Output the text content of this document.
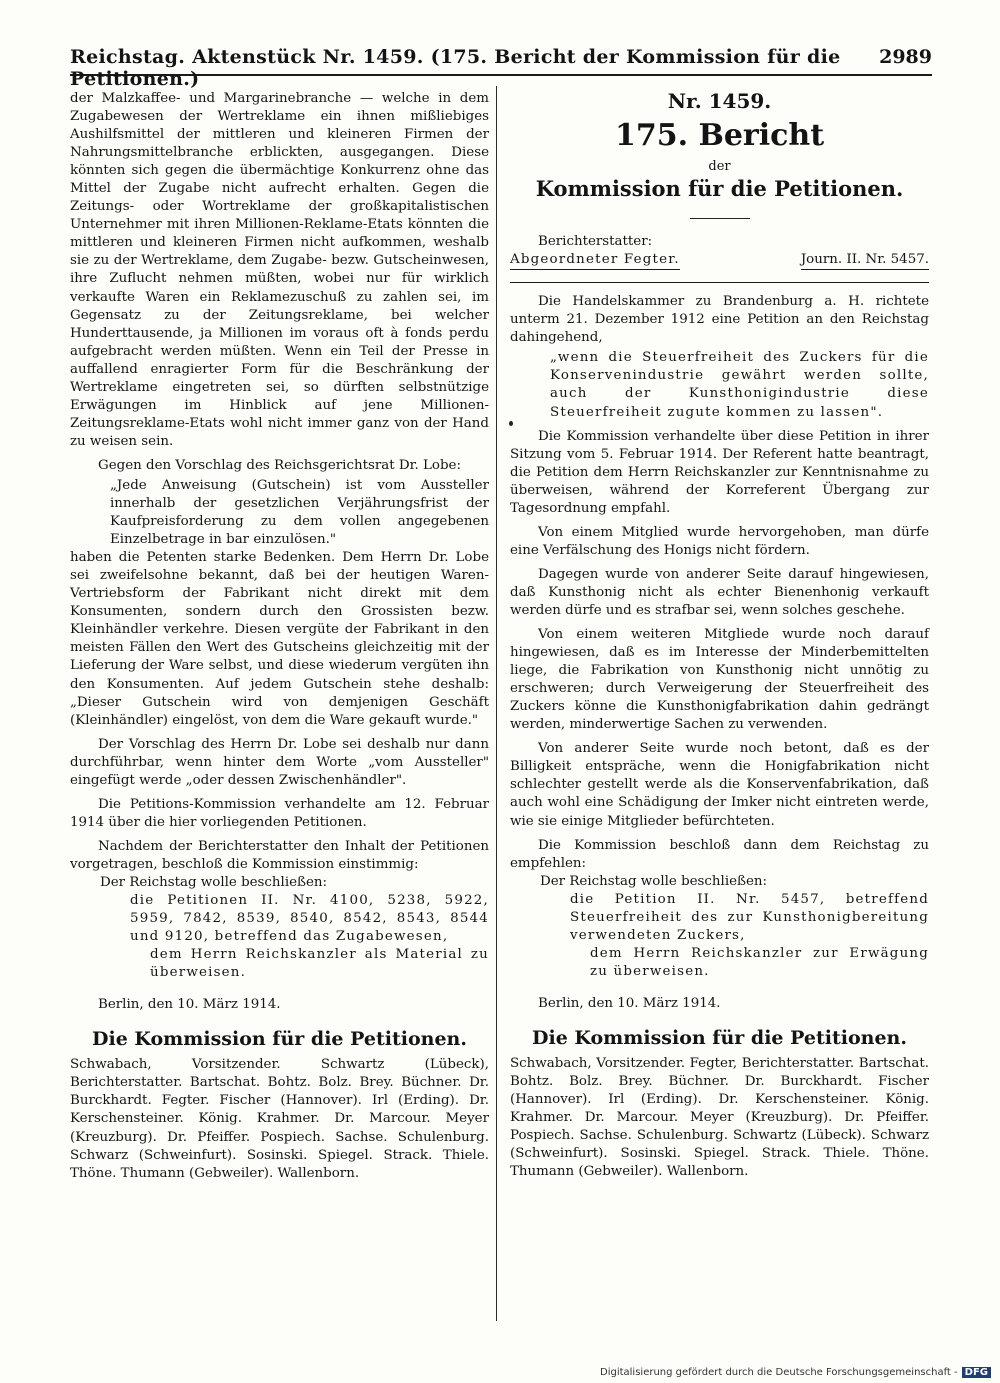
Reichstag. Aktenstück Nr. 1459. (175. Bericht der Kommission für die Petitionen.)
2989

der Malzkaffee- und Margarinebranche — welche in dem Zugabewesen der Wertreklame ein ihnen mißliebiges Aushilfsmittel der mittleren und kleineren Firmen der Nahrungsmittelbranche erblickten, ausgegangen. Diese könnten sich gegen die übermächtige Konkurrenz ohne das Mittel der Zugabe nicht aufrecht erhalten. Gegen die Zeitungs- oder Wortreklame der großkapitalistischen Unternehmer mit ihren Millionen-Reklame-Etats könnten die mittleren und kleineren Firmen nicht aufkommen, weshalb sie zu der Wertreklame, dem Zugabe- bezw. Gutscheinwesen, ihre Zuflucht nehmen müßten, wobei nur für wirklich verkaufte Waren ein Reklamezuschuß zu zahlen sei, im Gegensatz zu der Zeitungsreklame, bei welcher Hunderttausende, ja Millionen im voraus oft à fonds perdu aufgebracht werden müßten. Wenn ein Teil der Presse in auffallend enragierter Form für die Beschränkung der Wertreklame eingetreten sei, so dürften selbstnützige Erwägungen im Hinblick auf jene Millionen-Zeitungsreklame-Etats wohl nicht immer ganz von der Hand zu weisen sein.

Gegen den Vorschlag des Reichsgerichtsrat Dr. Lobe:

„Jede Anweisung (Gutschein) ist vom Aussteller innerhalb der gesetzlichen Verjährungsfrist der Kaufpreisforderung zu dem vollen angegebenen Einzelbetrage in bar einzulösen."

haben die Petenten starke Bedenken. Dem Herrn Dr. Lobe sei zweifelsohne bekannt, daß bei der heutigen Waren-Vertriebsform der Fabrikant nicht direkt mit dem Konsumenten, sondern durch den Grossisten bezw. Kleinhändler verkehre. Diesen vergüte der Fabrikant in den meisten Fällen den Wert des Gutscheins gleichzeitig mit der Lieferung der Ware selbst, und diese wiederum vergüten ihn den Konsumenten. Auf jedem Gutschein stehe deshalb: „Dieser Gutschein wird von demjenigen Geschäft (Kleinhändler) eingelöst, von dem die Ware gekauft wurde."

Der Vorschlag des Herrn Dr. Lobe sei deshalb nur dann durchführbar, wenn hinter dem Worte „vom Aussteller" eingefügt werde „oder dessen Zwischenhändler".

Die Petitions-Kommission verhandelte am 12. Februar 1914 über die hier vorliegenden Petitionen.

Nachdem der Berichterstatter den Inhalt der Petitionen vorgetragen, beschloß die Kommission einstimmig:

Der Reichstag wolle beschließen:

die Petitionen II. Nr. 4100, 5238, 5922, 5959, 7842, 8539, 8540, 8542, 8543, 8544 und 9120, betreffend das Zugabewesen,

dem Herrn Reichskanzler als Material zu überweisen.

Berlin, den 10. März 1914.

Die Kommission für die Petitionen.

Schwabach, Vorsitzender. Schwartz (Lübeck), Berichterstatter. Bartschat. Bohtz. Bolz. Brey. Büchner. Dr. Burckhardt. Fegter. Fischer (Hannover). Irl (Erding). Dr. Kerschensteiner. König. Krahmer. Dr. Marcour. Meyer (Kreuzburg). Dr. Pfeiffer. Pospiech. Sachse. Schulenburg. Schwarz (Schweinfurt). Sosinski. Spiegel. Strack. Thiele. Thöne. Thumann (Gebweiler). Wallenborn.

Nr. 1459.
175. Bericht
der
Kommission für die Petitionen.

Berichterstatter:

Abgeordneter Fegter.	Journ. II. Nr. 5457.

Die Handelskammer zu Brandenburg a. H. richtete unterm 21. Dezember 1912 eine Petition an den Reichstag dahingehend,

„wenn die Steuerfreiheit des Zuckers für die Konservenindustrie gewährt werden sollte, auch der Kunsthonigindustrie diese Steuerfreiheit zugute kommen zu lassen".

Die Kommission verhandelte über diese Petition in ihrer Sitzung vom 5. Februar 1914. Der Referent hatte beantragt, die Petition dem Herrn Reichskanzler zur Kenntnisnahme zu überweisen, während der Korreferent Übergang zur Tagesordnung empfahl.

Von einem Mitglied wurde hervorgehoben, man dürfe eine Verfälschung des Honigs nicht fördern.

Dagegen wurde von anderer Seite darauf hingewiesen, daß Kunsthonig nicht als echter Bienenhonig verkauft werden dürfe und es strafbar sei, wenn solches geschehe.

Von einem weiteren Mitgliede wurde noch darauf hingewiesen, daß es im Interesse der Minderbemittelten liege, die Fabrikation von Kunsthonig nicht unnötig zu erschweren; durch Verweigerung der Steuerfreiheit des Zuckers könne die Kunsthonigfabrikation dahin gedrängt werden, minderwertige Sachen zu verwenden.

Von anderer Seite wurde noch betont, daß es der Billigkeit entspräche, wenn die Honigfabrikation nicht schlechter gestellt werde als die Konservenfabrikation, daß auch wohl eine Schädigung der Imker nicht eintreten werde, wie sie einige Mitglieder befürchteten.

Die Kommission beschloß dann dem Reichstag zu empfehlen:

Der Reichstag wolle beschließen:

die Petition II. Nr. 5457, betreffend Steuerfreiheit des zur Kunsthonigbereitung verwendeten Zuckers,

dem Herrn Reichskanzler zur Erwägung zu überweisen.

Berlin, den 10. März 1914.

Die Kommission für die Petitionen.

Schwabach, Vorsitzender. Fegter, Berichterstatter. Bartschat. Bohtz. Bolz. Brey. Büchner. Dr. Burckhardt. Fischer (Hannover). Irl (Erding). Dr. Kerschensteiner. König. Krahmer. Dr. Marcour. Meyer (Kreuzburg). Dr. Pfeiffer. Pospiech. Sachse. Schulenburg. Schwartz (Lübeck). Schwarz (Schweinfurt). Sosinski. Spiegel. Strack. Thiele. Thöne. Thumann (Gebweiler). Wallenborn.

Digitalisierung gefördert durch die Deutsche Forschungsgemeinschaft - DFG
